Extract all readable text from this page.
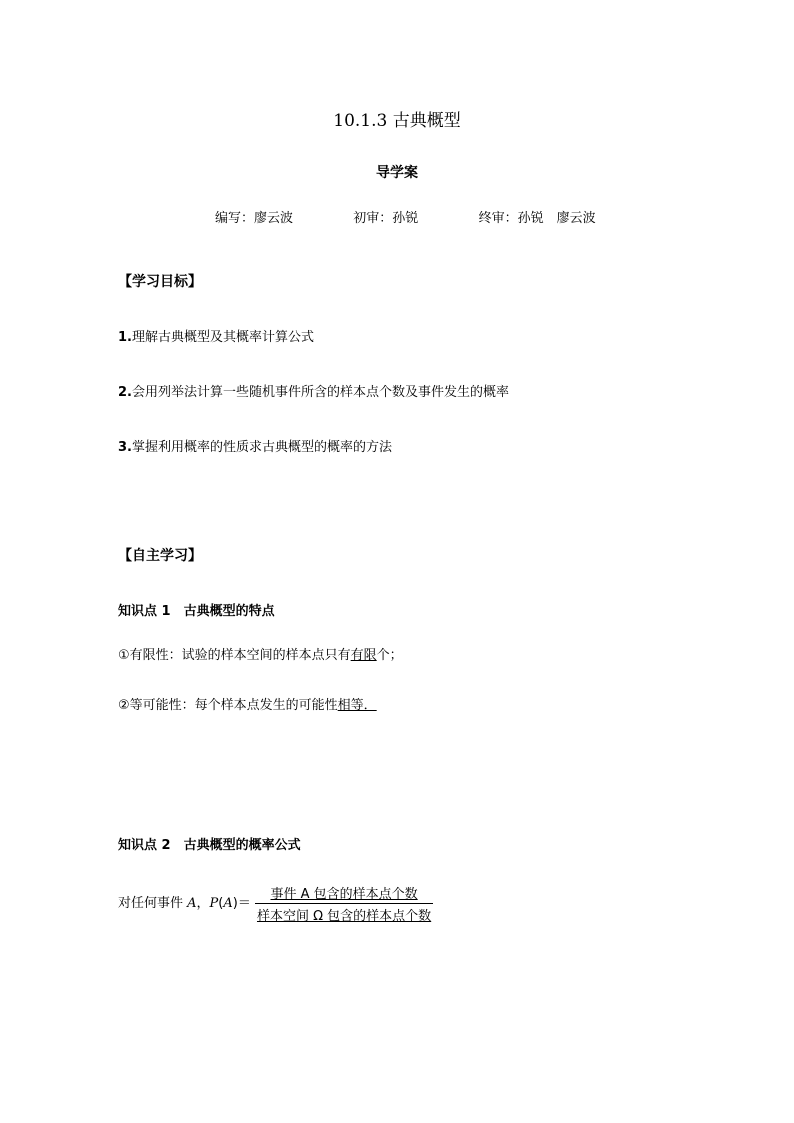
10.1.3 古典概型
导学案
编写：廖云波	初审：孙锐	终审：孙锐　廖云波
【学习目标】
1.理解古典概型及其概率计算公式
2.会用列举法计算一些随机事件所含的样本点个数及事件发生的概率
3.掌握利用概率的性质求古典概型的概率的方法
【自主学习】
知识点 1　古典概型的特点
①有限性：试验的样本空间的样本点只有有限个；
②等可能性：每个样本点发生的可能性相等．
知识点 2　古典概型的概率公式
对任何事件 A，$P(A)= \frac{\text{事件 A 包含的样本点个数}}{\text{样本空间 Ω 包含的样本点个数}}$
